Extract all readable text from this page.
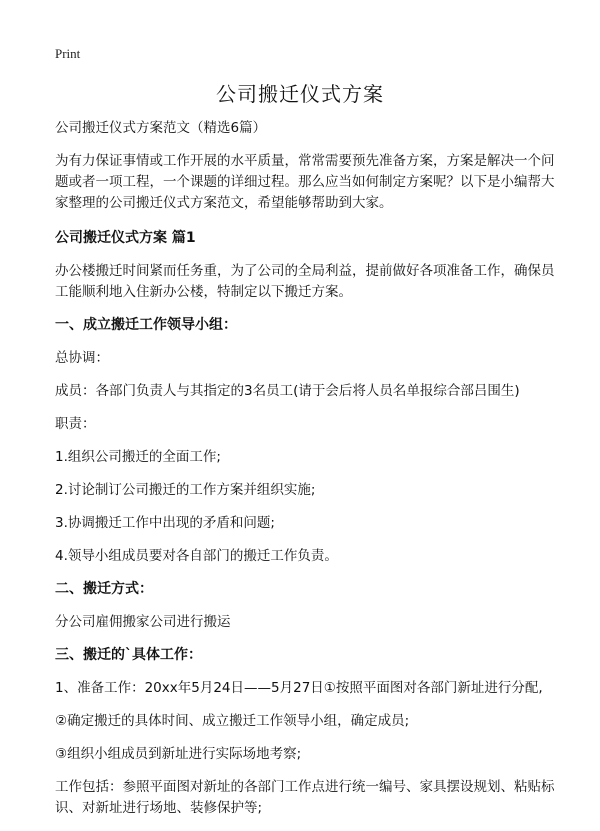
Print
公司搬迁仪式方案
公司搬迁仪式方案范文（精选6篇）
为有力保证事情或工作开展的水平质量，常常需要预先准备方案，方案是解决一个问题或者一项工程，一个课题的详细过程。那么应当如何制定方案呢？以下是小编帮大家整理的公司搬迁仪式方案范文，希望能够帮助到大家。
公司搬迁仪式方案 篇1
办公楼搬迁时间紧而任务重，为了公司的全局利益，提前做好各项准备工作，确保员工能顺利地入住新办公楼，特制定以下搬迁方案。
一、成立搬迁工作领导小组：
总协调：
成员：各部门负责人与其指定的3名员工(请于会后将人员名单报综合部吕围生)
职责：
1.组织公司搬迁的全面工作;
2.讨论制订公司搬迁的工作方案并组织实施;
3.协调搬迁工作中出现的矛盾和问题;
4.领导小组成员要对各自部门的搬迁工作负责。
二、搬迁方式：
分公司雇佣搬家公司进行搬运
三、搬迁的`具体工作：
1、准备工作：20xx年5月24日——5月27日①按照平面图对各部门新址进行分配,
②确定搬迁的具体时间、成立搬迁工作领导小组，确定成员;
③组织小组成员到新址进行实际场地考察;
工作包括：参照平面图对新址的各部门工作点进行统一编号、家具摆设规划、粘贴标识、对新址进行场地、装修保护等;
